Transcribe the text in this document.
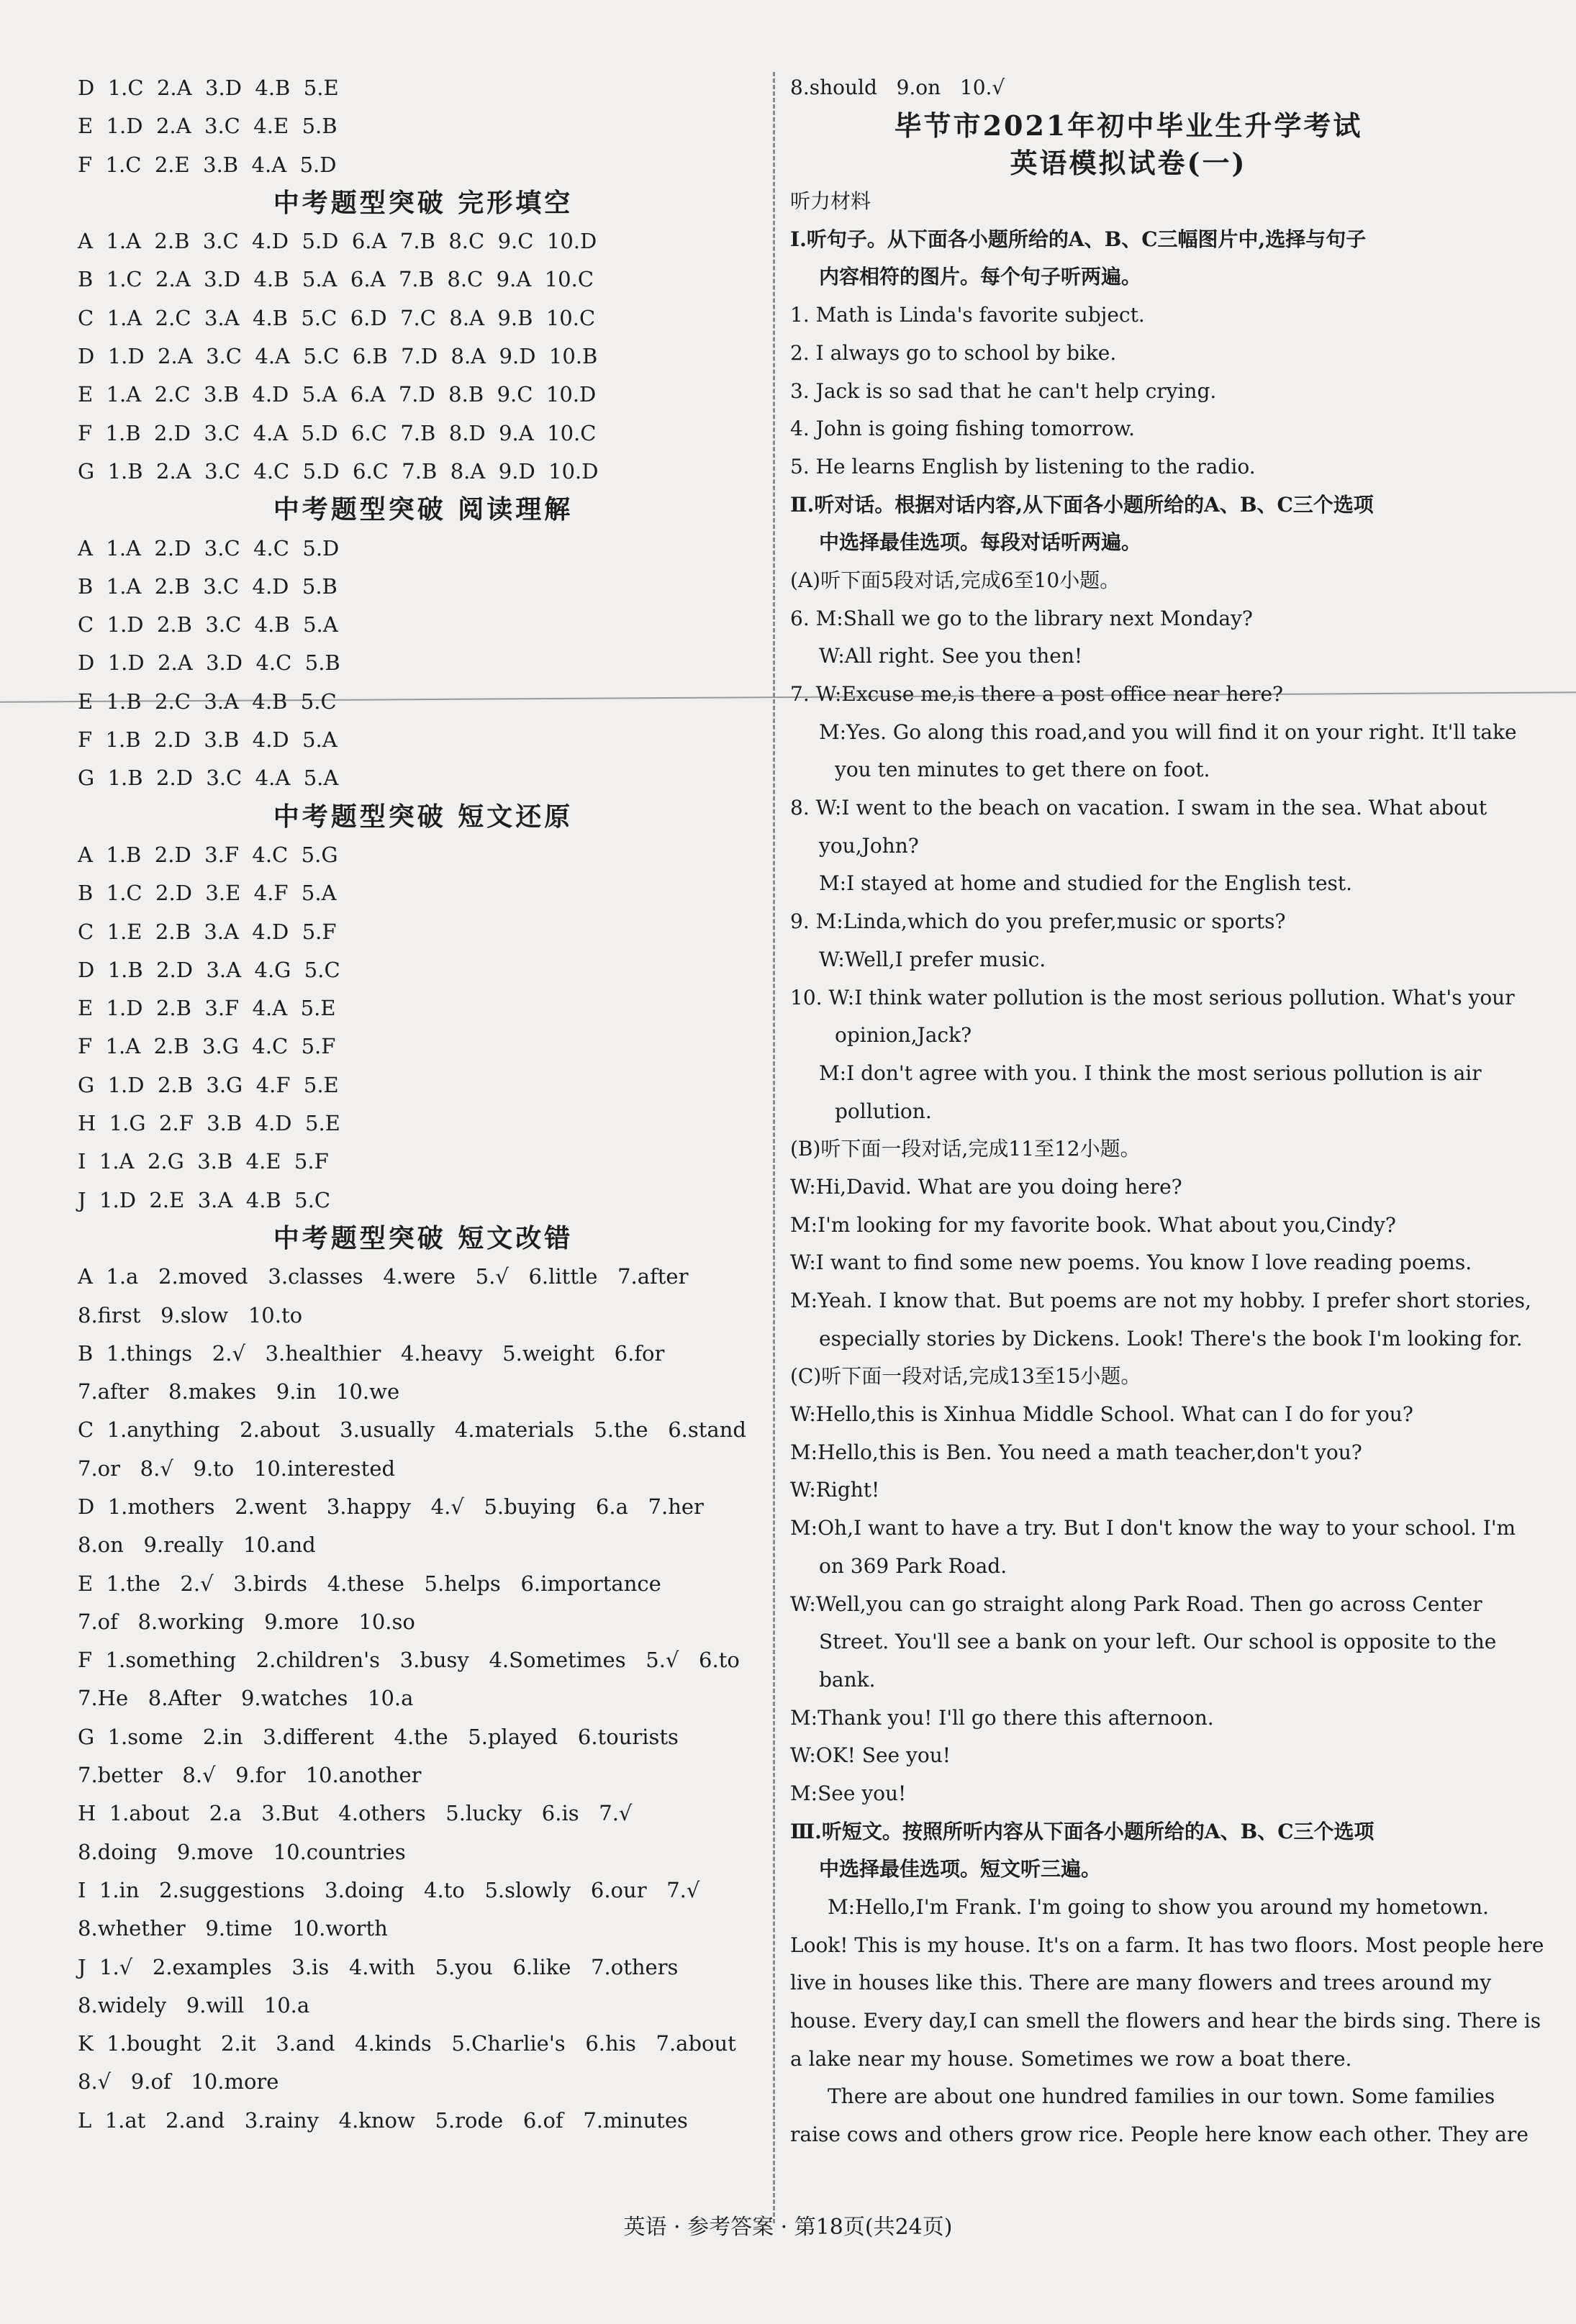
D  1.C  2.A  3.D  4.B  5.E
E  1.D  2.A  3.C  4.E  5.B
F  1.C  2.E  3.B  4.A  5.D
中考题型突破 完形填空
A  1.A  2.B  3.C  4.D  5.D  6.A  7.B  8.C  9.C  10.D
B  1.C  2.A  3.D  4.B  5.A  6.A  7.B  8.C  9.A  10.C
C  1.A  2.C  3.A  4.B  5.C  6.D  7.C  8.A  9.B  10.C
D  1.D  2.A  3.C  4.A  5.C  6.B  7.D  8.A  9.D  10.B
E  1.A  2.C  3.B  4.D  5.A  6.A  7.D  8.B  9.C  10.D
F  1.B  2.D  3.C  4.A  5.D  6.C  7.B  8.D  9.A  10.C
G  1.B  2.A  3.C  4.C  5.D  6.C  7.B  8.A  9.D  10.D
中考题型突破 阅读理解
A  1.A  2.D  3.C  4.C  5.D
B  1.A  2.B  3.C  4.D  5.B
C  1.D  2.B  3.C  4.B  5.A
D  1.D  2.A  3.D  4.C  5.B
E  1.B  2.C  3.A  4.B  5.C
F  1.B  2.D  3.B  4.D  5.A
G  1.B  2.D  3.C  4.A  5.A
中考题型突破 短文还原
A  1.B  2.D  3.F  4.C  5.G
B  1.C  2.D  3.E  4.F  5.A
C  1.E  2.B  3.A  4.D  5.F
D  1.B  2.D  3.A  4.G  5.C
E  1.D  2.B  3.F  4.A  5.E
F  1.A  2.B  3.G  4.C  5.F
G  1.D  2.B  3.G  4.F  5.E
H  1.G  2.F  3.B  4.D  5.E
I  1.A  2.G  3.B  4.E  5.F
J  1.D  2.E  3.A  4.B  5.C
中考题型突破 短文改错
A  1.a   2.moved   3.classes   4.were   5.√   6.little   7.after
8.first   9.slow   10.to
B  1.things   2.√   3.healthier   4.heavy   5.weight   6.for
7.after   8.makes   9.in   10.we
C  1.anything   2.about   3.usually   4.materials   5.the   6.stand
7.or   8.√   9.to   10.interested
D  1.mothers   2.went   3.happy   4.√   5.buying   6.a   7.her
8.on   9.really   10.and
E  1.the   2.√   3.birds   4.these   5.helps   6.importance
7.of   8.working   9.more   10.so
F  1.something   2.children's   3.busy   4.Sometimes   5.√   6.to
7.He   8.After   9.watches   10.a
G  1.some   2.in   3.different   4.the   5.played   6.tourists
7.better   8.√   9.for   10.another
H  1.about   2.a   3.But   4.others   5.lucky   6.is   7.√
8.doing   9.move   10.countries
I  1.in   2.suggestions   3.doing   4.to   5.slowly   6.our   7.√
8.whether   9.time   10.worth
J  1.√   2.examples   3.is   4.with   5.you   6.like   7.others
8.widely   9.will   10.a
K  1.bought   2.it   3.and   4.kinds   5.Charlie's   6.his   7.about
8.√   9.of   10.more
L  1.at   2.and   3.rainy   4.know   5.rode   6.of   7.minutes
8.should   9.on   10.√
毕节市2021年初中毕业生升学考试
英语模拟试卷(一)
听力材料
Ⅰ.听句子。从下面各小题所给的A、B、C三幅图片中,选择与句子
内容相符的图片。每个句子听两遍。
1. Math is Linda's favorite subject.
2. I always go to school by bike.
3. Jack is so sad that he can't help crying.
4. John is going fishing tomorrow.
5. He learns English by listening to the radio.
Ⅱ.听对话。根据对话内容,从下面各小题所给的A、B、C三个选项
中选择最佳选项。每段对话听两遍。
(A)听下面5段对话,完成6至10小题。
6. M:Shall we go to the library next Monday?
W:All right. See you then!
7. W:Excuse me,is there a post office near here?
M:Yes. Go along this road,and you will find it on your right. It'll take
you ten minutes to get there on foot.
8. W:I went to the beach on vacation. I swam in the sea. What about
you,John?
M:I stayed at home and studied for the English test.
9. M:Linda,which do you prefer,music or sports?
W:Well,I prefer music.
10. W:I think water pollution is the most serious pollution. What's your
opinion,Jack?
M:I don't agree with you. I think the most serious pollution is air
pollution.
(B)听下面一段对话,完成11至12小题。
W:Hi,David. What are you doing here?
M:I'm looking for my favorite book. What about you,Cindy?
W:I want to find some new poems. You know I love reading poems.
M:Yeah. I know that. But poems are not my hobby. I prefer short stories,
especially stories by Dickens. Look! There's the book I'm looking for.
(C)听下面一段对话,完成13至15小题。
W:Hello,this is Xinhua Middle School. What can I do for you?
M:Hello,this is Ben. You need a math teacher,don't you?
W:Right!
M:Oh,I want to have a try. But I don't know the way to your school. I'm
on 369 Park Road.
W:Well,you can go straight along Park Road. Then go across Center
Street. You'll see a bank on your left. Our school is opposite to the
bank.
M:Thank you! I'll go there this afternoon.
W:OK! See you!
M:See you!
Ⅲ.听短文。按照所听内容从下面各小题所给的A、B、C三个选项
中选择最佳选项。短文听三遍。
M:Hello,I'm Frank. I'm going to show you around my hometown.
Look! This is my house. It's on a farm. It has two floors. Most people here
live in houses like this. There are many flowers and trees around my
house. Every day,I can smell the flowers and hear the birds sing. There is
a lake near my house. Sometimes we row a boat there.
There are about one hundred families in our town. Some families
raise cows and others grow rice. People here know each other. They are
英语 · 参考答案 · 第18页(共24页)
